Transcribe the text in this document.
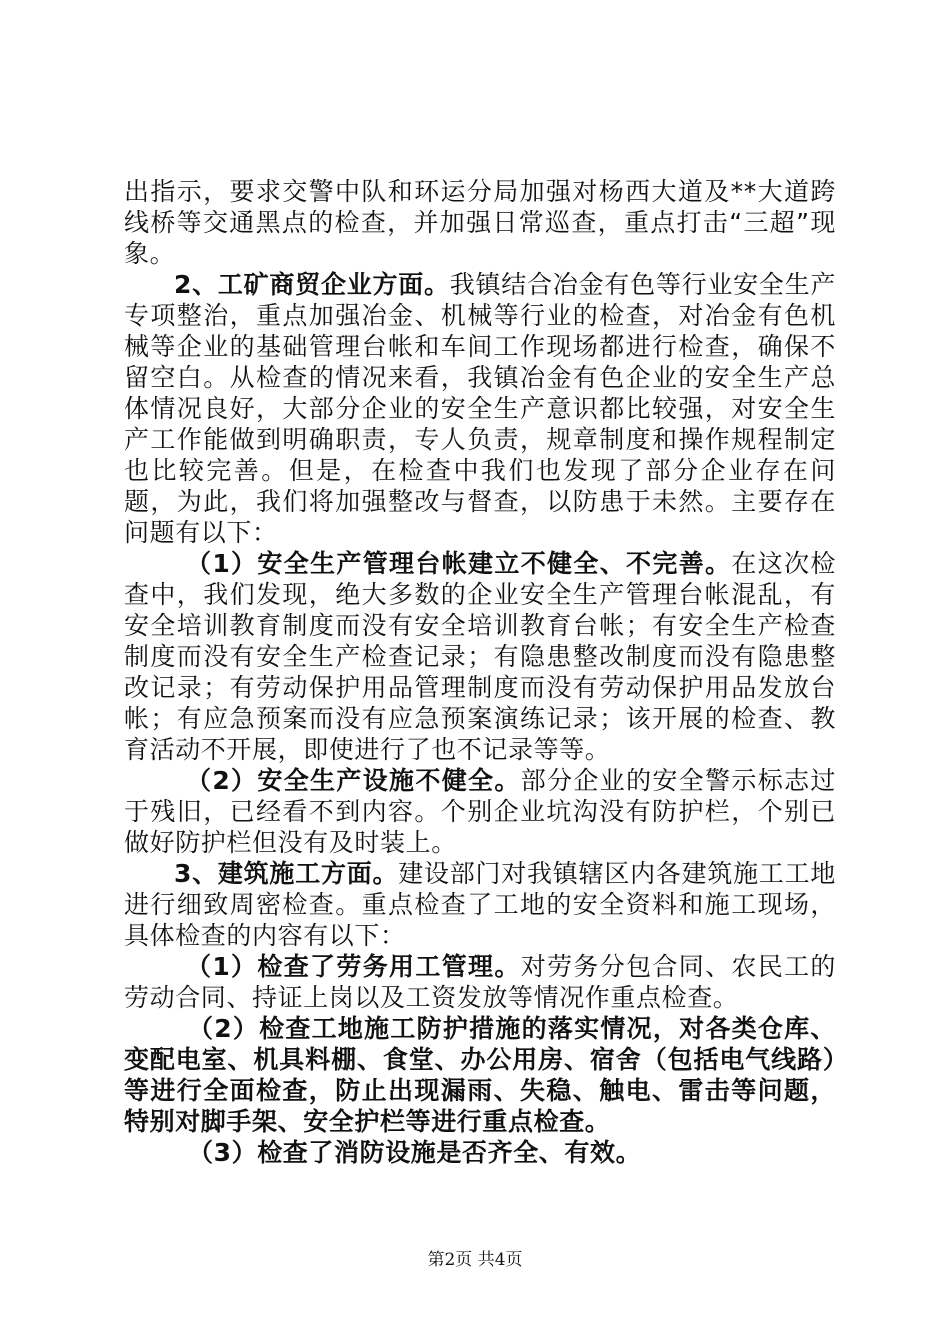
出指示，要求交警中队和环运分局加强对杨西大道及**大道跨线桥等交通黑点的检查，并加强日常巡查，重点打击“三超”现象。

2、工矿商贸企业方面。我镇结合冶金有色等行业安全生产专项整治，重点加强冶金、机械等行业的检查，对冶金有色机械等企业的基础管理台帐和车间工作现场都进行检查，确保不留空白。从检查的情况来看，我镇冶金有色企业的安全生产总体情况良好，大部分企业的安全生产意识都比较强，对安全生产工作能做到明确职责，专人负责，规章制度和操作规程制定也比较完善。但是，在检查中我们也发现了部分企业存在问题，为此，我们将加强整改与督查，以防患于未然。主要存在问题有以下：

（1）安全生产管理台帐建立不健全、不完善。在这次检查中，我们发现，绝大多数的企业安全生产管理台帐混乱，有安全培训教育制度而没有安全培训教育台帐；有安全生产检查制度而没有安全生产检查记录；有隐患整改制度而没有隐患整改记录；有劳动保护用品管理制度而没有劳动保护用品发放台帐；有应急预案而没有应急预案演练记录；该开展的检查、教育活动不开展，即使进行了也不记录等等。

（2）安全生产设施不健全。部分企业的安全警示标志过于残旧，已经看不到内容。个别企业坑沟没有防护栏，个别已做好防护栏但没有及时装上。

3、建筑施工方面。建设部门对我镇辖区内各建筑施工工地进行细致周密检查。重点检查了工地的安全资料和施工现场，具体检查的内容有以下：

（1）检查了劳务用工管理。对劳务分包合同、农民工的劳动合同、持证上岗以及工资发放等情况作重点检查。

（2）检查工地施工防护措施的落实情况，对各类仓库、变配电室、机具料棚、食堂、办公用房、宿舍（包括电气线路）等进行全面检查，防止出现漏雨、失稳、触电、雷击等问题，特别对脚手架、安全护栏等进行重点检查。

（3）检查了消防设施是否齐全、有效。

第2页 共4页
